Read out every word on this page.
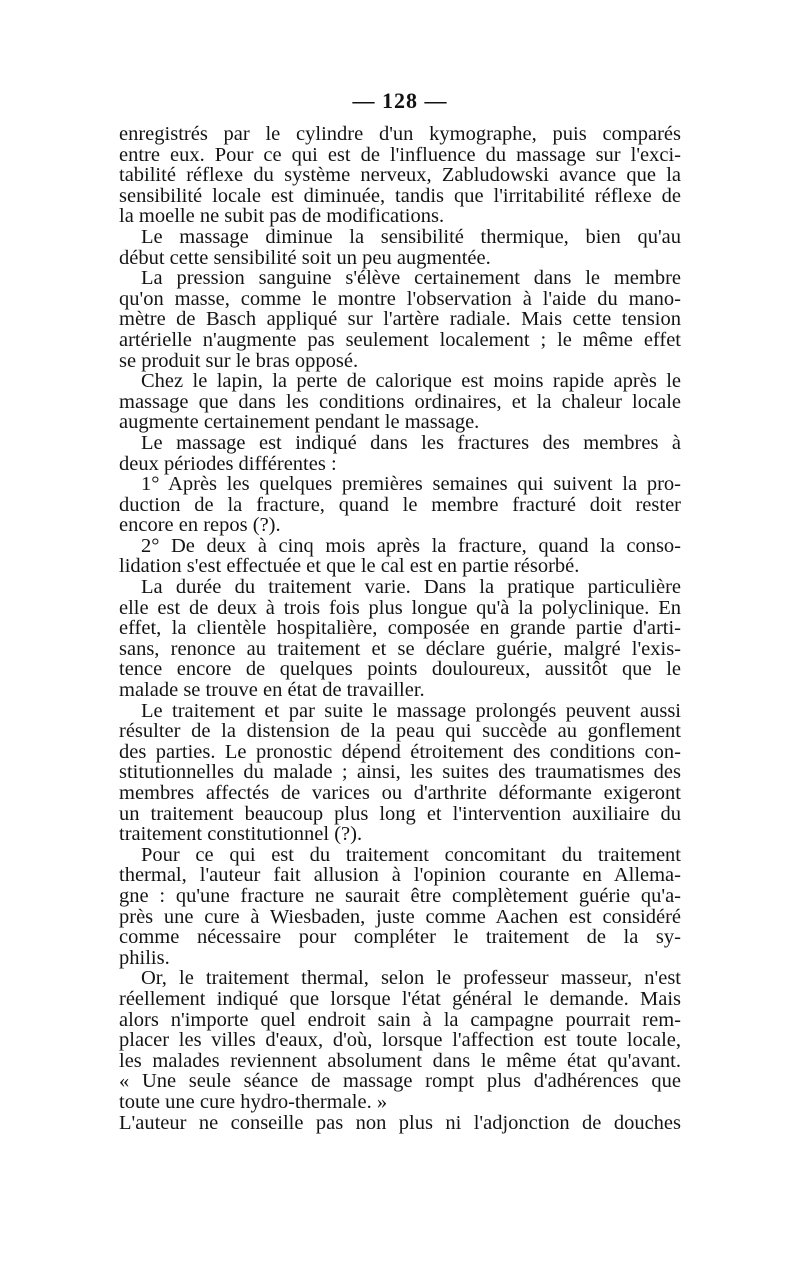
— 128 —
enregistrés par le cylindre d'un kymographe, puis comparés
entre eux. Pour ce qui est de l'influence du massage sur l'exci-
tabilité réflexe du système nerveux, Zabludowski avance que la
sensibilité locale est diminuée, tandis que l'irritabilité réflexe de
la moelle ne subit pas de modifications.
Le massage diminue la sensibilité thermique, bien qu'au
début cette sensibilité soit un peu augmentée.
La pression sanguine s'élève certainement dans le membre
qu'on masse, comme le montre l'observation à l'aide du mano-
mètre de Basch appliqué sur l'artère radiale. Mais cette tension
artérielle n'augmente pas seulement localement ; le même effet
se produit sur le bras opposé.
Chez le lapin, la perte de calorique est moins rapide après le
massage que dans les conditions ordinaires, et la chaleur locale
augmente certainement pendant le massage.
Le massage est indiqué dans les fractures des membres à
deux périodes différentes :
1° Après les quelques premières semaines qui suivent la pro-
duction de la fracture, quand le membre fracturé doit rester
encore en repos (?).
2° De deux à cinq mois après la fracture, quand la conso-
lidation s'est effectuée et que le cal est en partie résorbé.
La durée du traitement varie. Dans la pratique particulière
elle est de deux à trois fois plus longue qu'à la polyclinique. En
effet, la clientèle hospitalière, composée en grande partie d'arti-
sans, renonce au traitement et se déclare guérie, malgré l'exis-
tence encore de quelques points douloureux, aussitôt que le
malade se trouve en état de travailler.
Le traitement et par suite le massage prolongés peuvent aussi
résulter de la distension de la peau qui succède au gonflement
des parties. Le pronostic dépend étroitement des conditions con-
stitutionnelles du malade ; ainsi, les suites des traumatismes des
membres affectés de varices ou d'arthrite déformante exigeront
un traitement beaucoup plus long et l'intervention auxiliaire du
traitement constitutionnel (?).
Pour ce qui est du traitement concomitant du traitement
thermal, l'auteur fait allusion à l'opinion courante en Allema-
gne : qu'une fracture ne saurait être complètement guérie qu'a-
près une cure à Wiesbaden, juste comme Aachen est considéré
comme nécessaire pour compléter le traitement de la sy-
philis.
Or, le traitement thermal, selon le professeur masseur, n'est
réellement indiqué que lorsque l'état général le demande. Mais
alors n'importe quel endroit sain à la campagne pourrait rem-
placer les villes d'eaux, d'où, lorsque l'affection est toute locale,
les malades reviennent absolument dans le même état qu'avant.
« Une seule séance de massage rompt plus d'adhérences que
toute une cure hydro-thermale. »
L'auteur ne conseille pas non plus ni l'adjonction de douches
